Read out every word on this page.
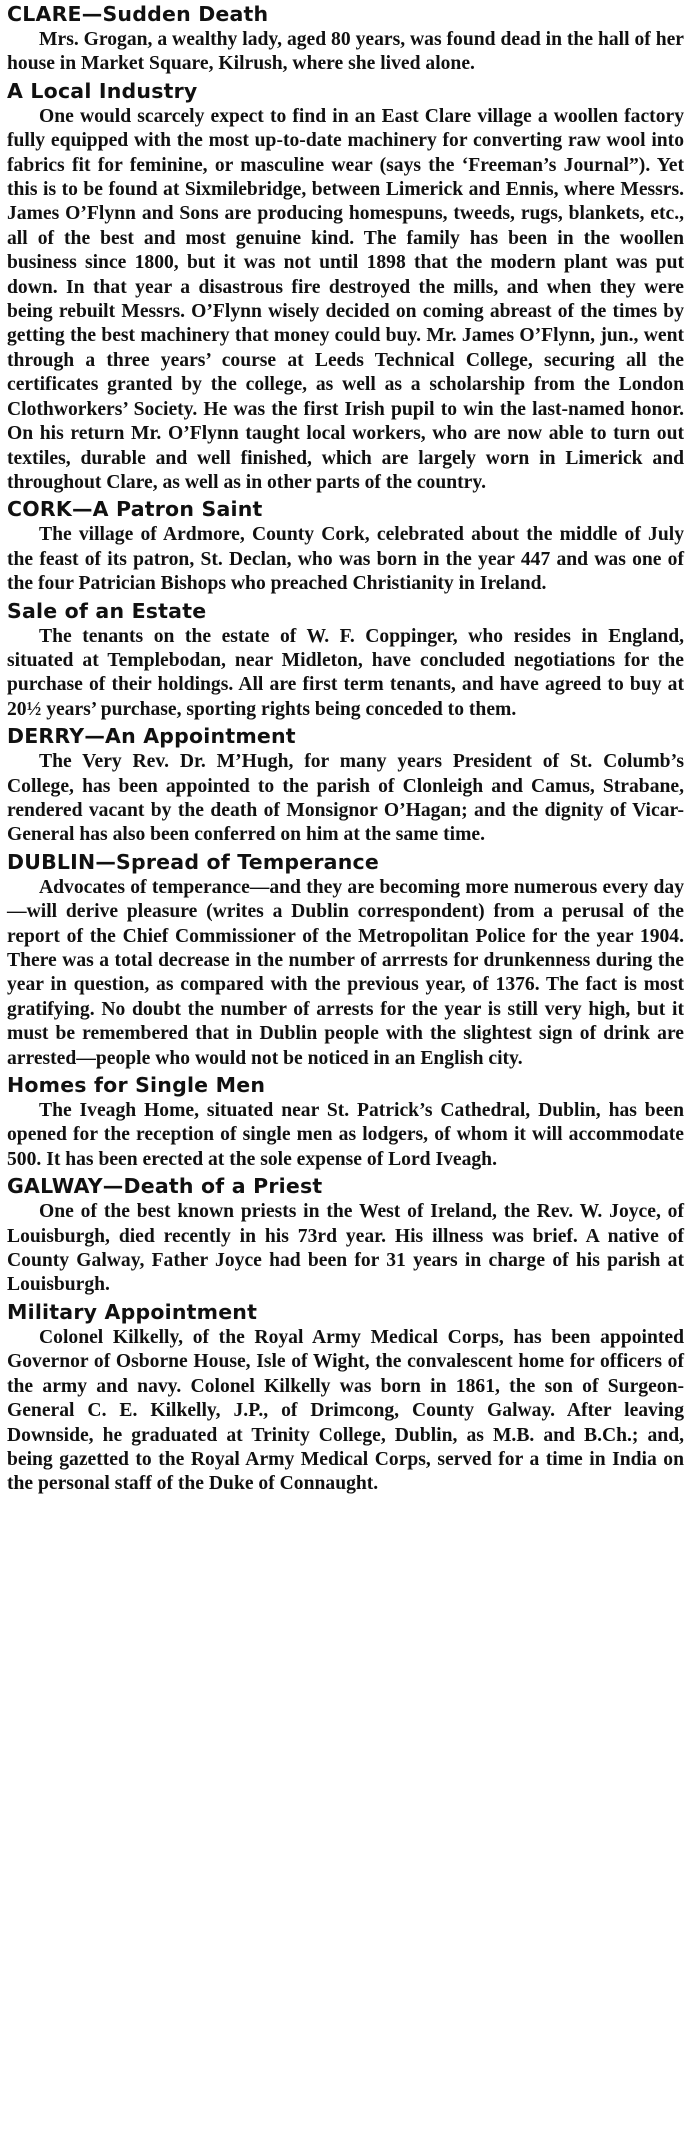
CLARE—Sudden Death

Mrs. Grogan, a wealthy lady, aged 80 years, was found dead in the hall of her house in Market Square, Kilrush, where she lived alone.

A Local Industry

One would scarcely expect to find in an East Clare village a woollen factory fully equipped with the most up-to-date machinery for converting raw wool into fabrics fit for feminine, or masculine wear (says the ‘Freeman’s Journal”). Yet this is to be found at Sixmilebridge, between Limerick and Ennis, where Messrs. James O’Flynn and Sons are producing homespuns, tweeds, rugs, blankets, etc., all of the best and most genuine kind. The family has been in the woollen business since 1800, but it was not until 1898 that the modern plant was put down. In that year a disastrous fire destroyed the mills, and when they were being rebuilt Messrs. O’Flynn wisely decided on coming abreast of the times by getting the best machinery that money could buy. Mr. James O’Flynn, jun., went through a three years’ course at Leeds Technical College, securing all the certificates granted by the college, as well as a scholarship from the London Clothworkers’ Society. He was the first Irish pupil to win the last-named honor. On his return Mr. O’Flynn taught local workers, who are now able to turn out textiles, durable and well finished, which are largely worn in Limerick and throughout Clare, as well as in other parts of the country.

CORK—A Patron Saint

The village of Ardmore, County Cork, celebrated about the middle of July the feast of its patron, St. Declan, who was born in the year 447 and was one of the four Patrician Bishops who preached Christianity in Ireland.

Sale of an Estate

The tenants on the estate of W. F. Coppinger, who resides in England, situated at Templebodan, near Midleton, have concluded negotiations for the purchase of their holdings. All are first term tenants, and have agreed to buy at 20½ years’ purchase, sporting rights being conceded to them.

DERRY—An Appointment

The Very Rev. Dr. M’Hugh, for many years President of St. Columb’s College, has been appointed to the parish of Clonleigh and Camus, Strabane, rendered vacant by the death of Monsignor O’Hagan; and the dignity of Vicar-General has also been conferred on him at the same time.

DUBLIN—Spread of Temperance

Advocates of temperance—and they are becoming more numerous every day—will derive pleasure (writes a Dublin correspondent) from a perusal of the report of the Chief Commissioner of the Metropolitan Police for the year 1904. There was a total decrease in the number of arrrests for drunkenness during the year in question, as compared with the previous year, of 1376. The fact is most gratifying. No doubt the number of arrests for the year is still very high, but it must be remembered that in Dublin people with the slightest sign of drink are arrested—people who would not be noticed in an English city.

Homes for Single Men

The Iveagh Home, situated near St. Patrick’s Cathedral, Dublin, has been opened for the reception of single men as lodgers, of whom it will accommodate 500. It has been erected at the sole expense of Lord Iveagh.

GALWAY—Death of a Priest

One of the best known priests in the West of Ireland, the Rev. W. Joyce, of Louisburgh, died recently in his 73rd year. His illness was brief. A native of County Galway, Father Joyce had been for 31 years in charge of his parish at Louisburgh.

Military Appointment

Colonel Kilkelly, of the Royal Army Medical Corps, has been appointed Governor of Osborne House, Isle of Wight, the convalescent home for officers of the army and navy. Colonel Kilkelly was born in 1861, the son of Surgeon-General C. E. Kilkelly, J.P., of Drimcong, County Galway. After leaving Downside, he graduated at Trinity College, Dublin, as M.B. and B.Ch.; and, being gazetted to the Royal Army Medical Corps, served for a time in India on the personal staff of the Duke of Connaught.
